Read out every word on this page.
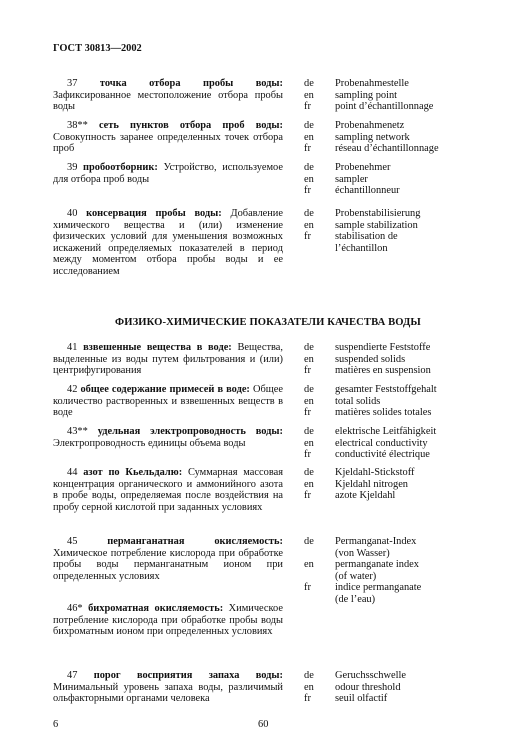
ГОСТ 30813—2002
ФИЗИКО-ХИМИЧЕСКИЕ ПОКАЗАТЕЛИ КАЧЕСТВА ВОДЫ
37 точка отбора пробы воды: Зафиксированное местоположение отбора пробы воды
de	Probenahmestelle
en	sampling point
fr	point d’échantillonnage
38** сеть пунктов отбора проб воды: Совокупность заранее определенных точек отбора проб
de	Probenahmenetz
en	sampling network
fr	réseau d’échantillonnage
39 пробоотборник: Устройство, используемое для отбора проб воды
de	Probenehmer
en	sampler
fr	échantillonneur
40 консервация пробы воды: Добавление химического вещества и (или) изменение физических условий для уменьшения возможных искажений определяемых показателей в период между моментом отбора пробы воды и ее исследованием
de	Probenstabilisierung
en	sample stabilization
fr	stabilisation de
l’échantillon
41 взвешенные вещества в воде: Вещества, выделенные из воды путем фильтрования и (или) центрифугирования
de	suspendierte Feststoffe
en	suspended solids
fr	matières en suspension
42 общее содержание примесей в воде: Общее количество растворенных и взвешенных веществ в воде
de	gesamter Feststoffgehalt
en	total solids
fr	matières solides totales
43** удельная электропроводность воды: Электропроводность единицы объема воды
de	elektrische Leitfähigkeit
en	electrical conductivity
fr	conductivité électrique
44 азот по Кьельдалю: Суммарная массовая концентрация органического и аммонийного азота в пробе воды, определяемая после воздействия на пробу серной кислотой при заданных условиях
de	Kjeldahl-Stickstoff
en	Kjeldahl nitrogen
fr	azote Kjeldahl
45	перманганатная окисляемость: Химическое потребление кислорода при обработке пробы воды перманганатным ионом при определенных условиях
de	Permanganat-Index
(von Wasser)
en	permanganate index
(of water)
fr	indice permanganate
(de l’eau)
46* бихроматная окисляемость: Химическое потребление кислорода при обработке пробы воды бихроматным ионом при определенных условиях
47 порог восприятия запаха воды: Минимальный уровень запаха воды, различимый ольфакторными органами человека
de	Geruchsschwelle
en	odour threshold
fr	seuil olfactif
6	60
